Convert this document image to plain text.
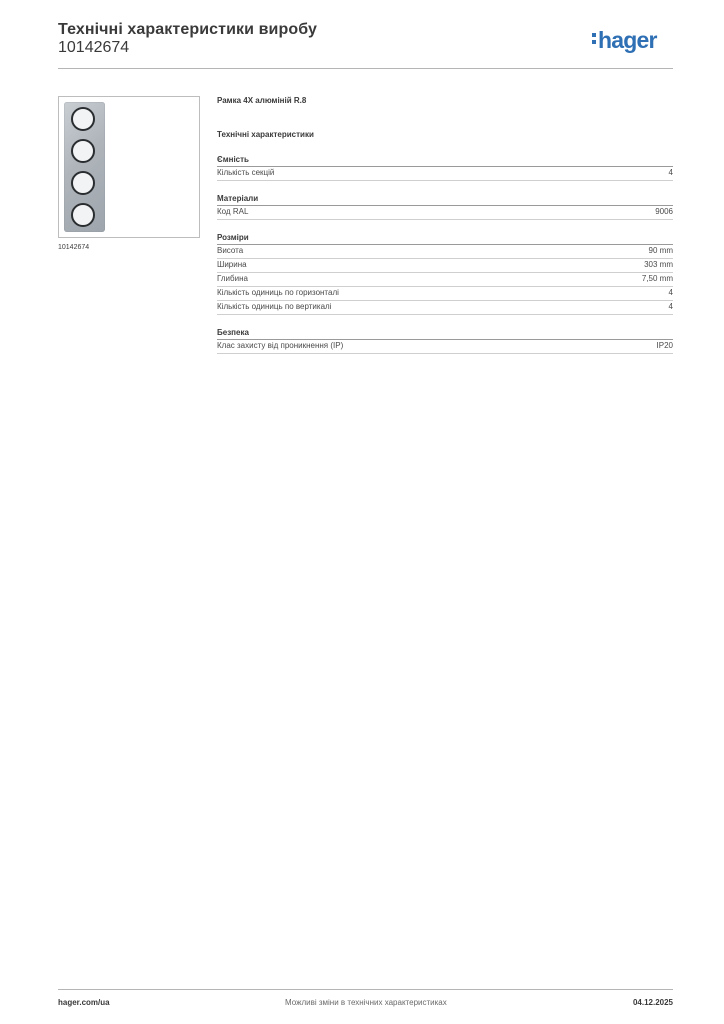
Технічні характеристики виробу
10142674	hager
10142674
Рамка 4X алюміній R.8
Технічні характеристики
Ємність
Кількість секцій	4
Матеріали
Код RAL	9006
Розміри
Висота	90 mm
Ширина	303 mm
Глибина	7,50 mm
Кількість одиниць по горизонталі	4
Кількість одиниць по вертикалі	4
Безпека
Клас захисту від проникнення (IP)	IP20
hager.com/ua	Можливі зміни в технічних характеристиках	04.12.2025
